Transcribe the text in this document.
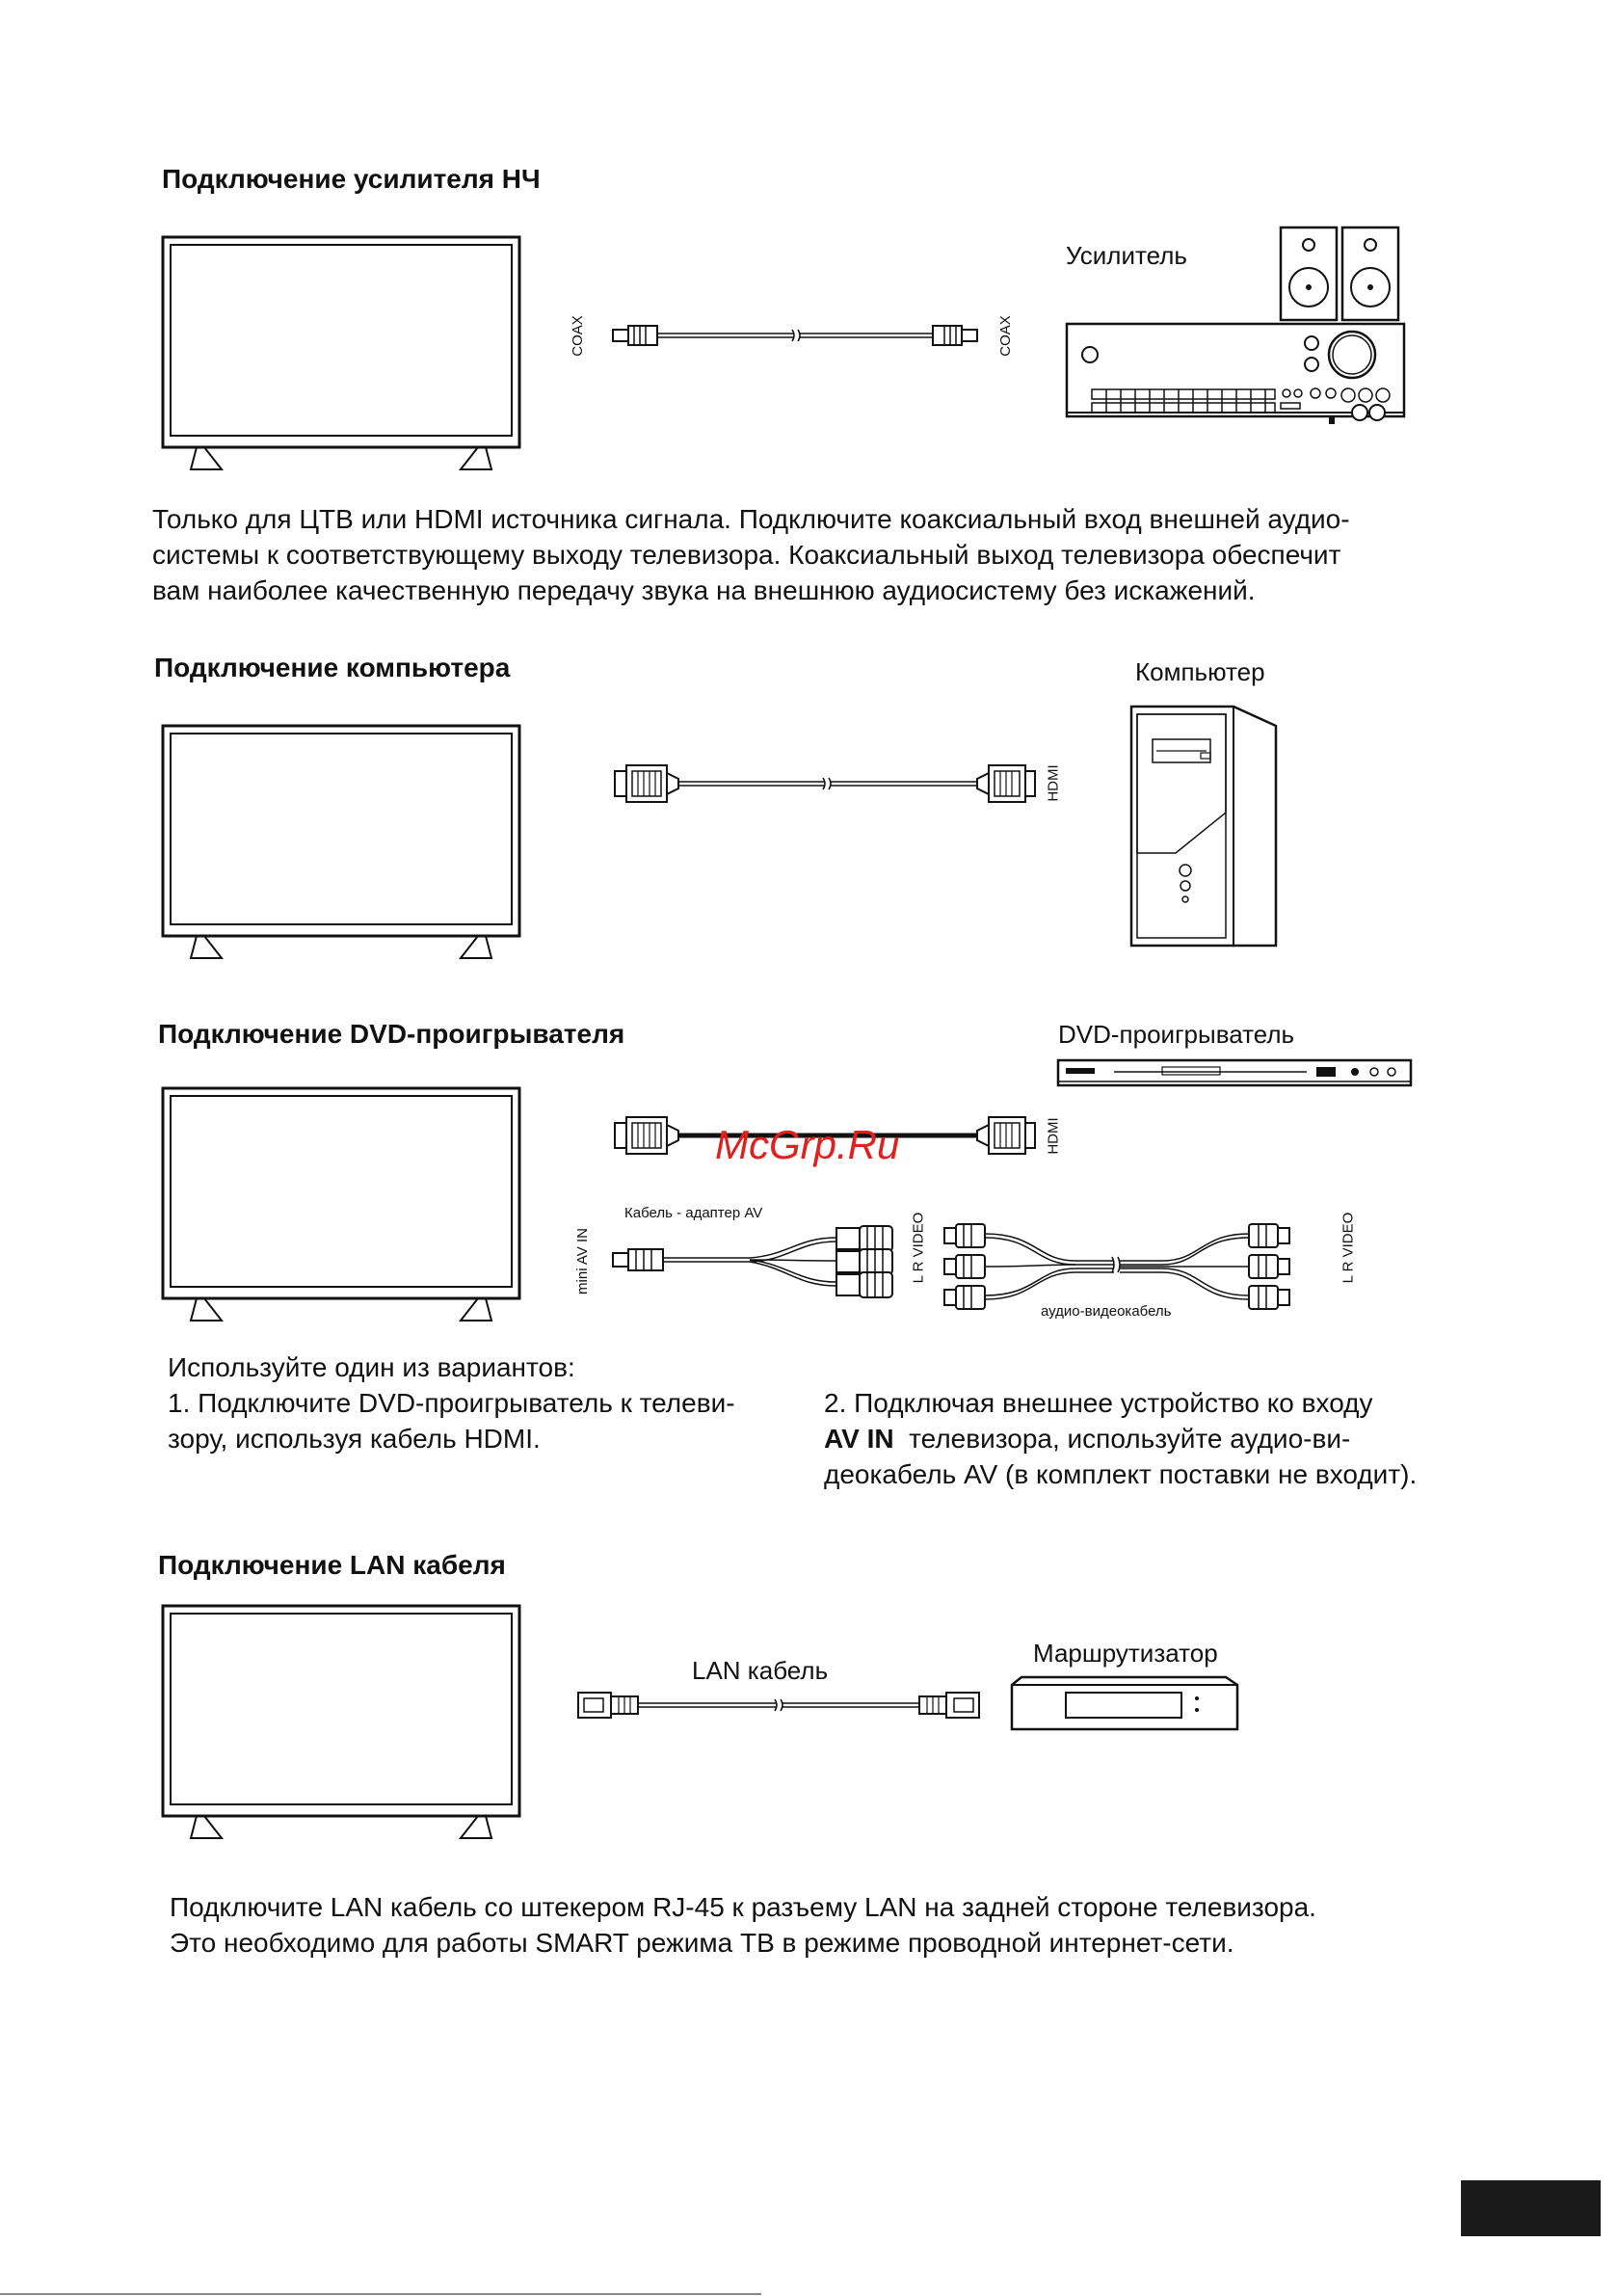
Подключение усилителя НЧ
COAX	COAX
Усилитель
Только для ЦТВ или HDMI источника сигнала. Подключите коаксиальный вход внешней аудио-
системы к соответствующему выходу телевизора. Коаксиальный выход телевизора обеспечит
вам наиболее качественную передачу звука на внешнюю аудиосистему без искажений.
Подключение компьютера	Компьютер
HDMI
Подключение DVD-проигрывателя	DVD-проигрыватель
McGrp.Ru	HDMI
Кабель - адаптер AV
mini AV IN	L R VIDEO
аудио-видеокабель
L R VIDEO
Используйте один из вариантов:
1. Подключите DVD-проигрыватель к телеви-
зору, используя кабель HDMI.
2. Подключая внешнее устройство ко входу
AV IN  телевизора, используйте аудио-ви-
деокабель AV (в комплект поставки не входит).
Подключение LAN кабеля
LAN кабель
Маршрутизатор
Подключите LAN кабель со штекером RJ-45 к разъему LAN на задней стороне телевизора.
Это необходимо для работы SMART режима ТВ в режиме проводной интернет-сети.
